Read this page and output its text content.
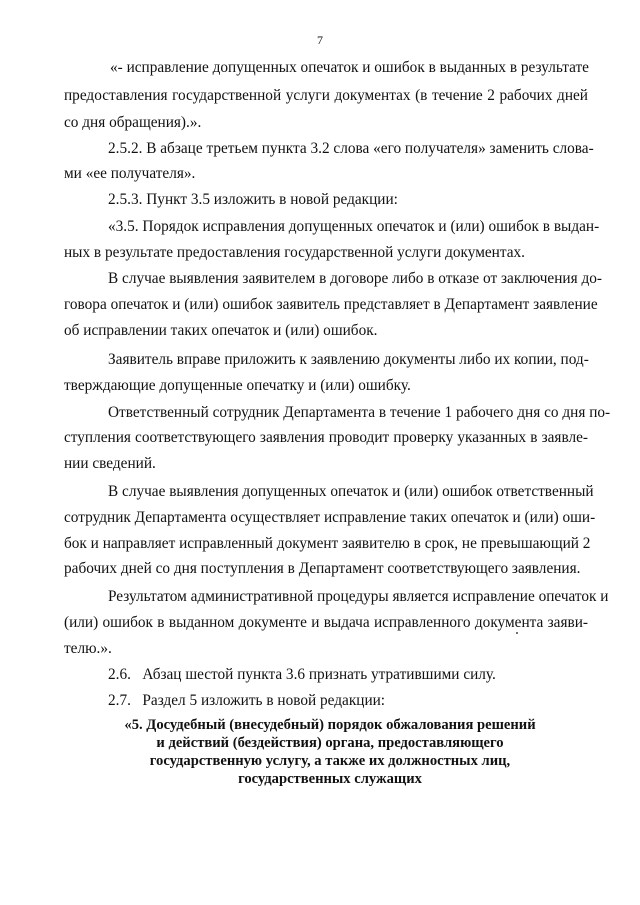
7
«- исправление допущенных опечаток и ошибок в выданных в результате
предоставления государственной услуги документах (в течение 2 рабочих дней
со дня обращения).».
2.5.2. В абзаце третьем пункта 3.2 слова «его получателя» заменить слова-
ми «ее получателя».
2.5.3. Пункт 3.5 изложить в новой редакции:
«3.5. Порядок исправления допущенных опечаток и (или) ошибок в выдан-
ных в результате предоставления государственной услуги документах.
В случае выявления заявителем в договоре либо в отказе от заключения до-
говора опечаток и (или) ошибок заявитель представляет в Департамент заявление
об исправлении таких опечаток и (или) ошибок.
Заявитель вправе приложить к заявлению документы либо их копии, под-
тверждающие допущенные опечатку и (или) ошибку.
Ответственный сотрудник Департамента в течение 1 рабочего дня со дня по-
ступления соответствующего заявления проводит проверку указанных в заявле-
нии сведений.
В случае выявления допущенных опечаток и (или) ошибок ответственный
сотрудник Департамента осуществляет исправление таких опечаток и (или) оши-
бок и направляет исправленный документ заявителю в срок, не превышающий 2
рабочих дней со дня поступления в Департамент соответствующего заявления.
Результатом административной процедуры является исправление опечаток и
(или) ошибок в выданном документе и выдача исправленного документа заяви-
телю.».
2.6.   Абзац шестой пункта 3.6 признать утратившими силу.
2.7.   Раздел 5 изложить в новой редакции:
«5. Досудебный (внесудебный) порядок обжалования решений
и действий (бездействия) органа, предоставляющего
государственную услугу, а также их должностных лиц,
государственных служащих
